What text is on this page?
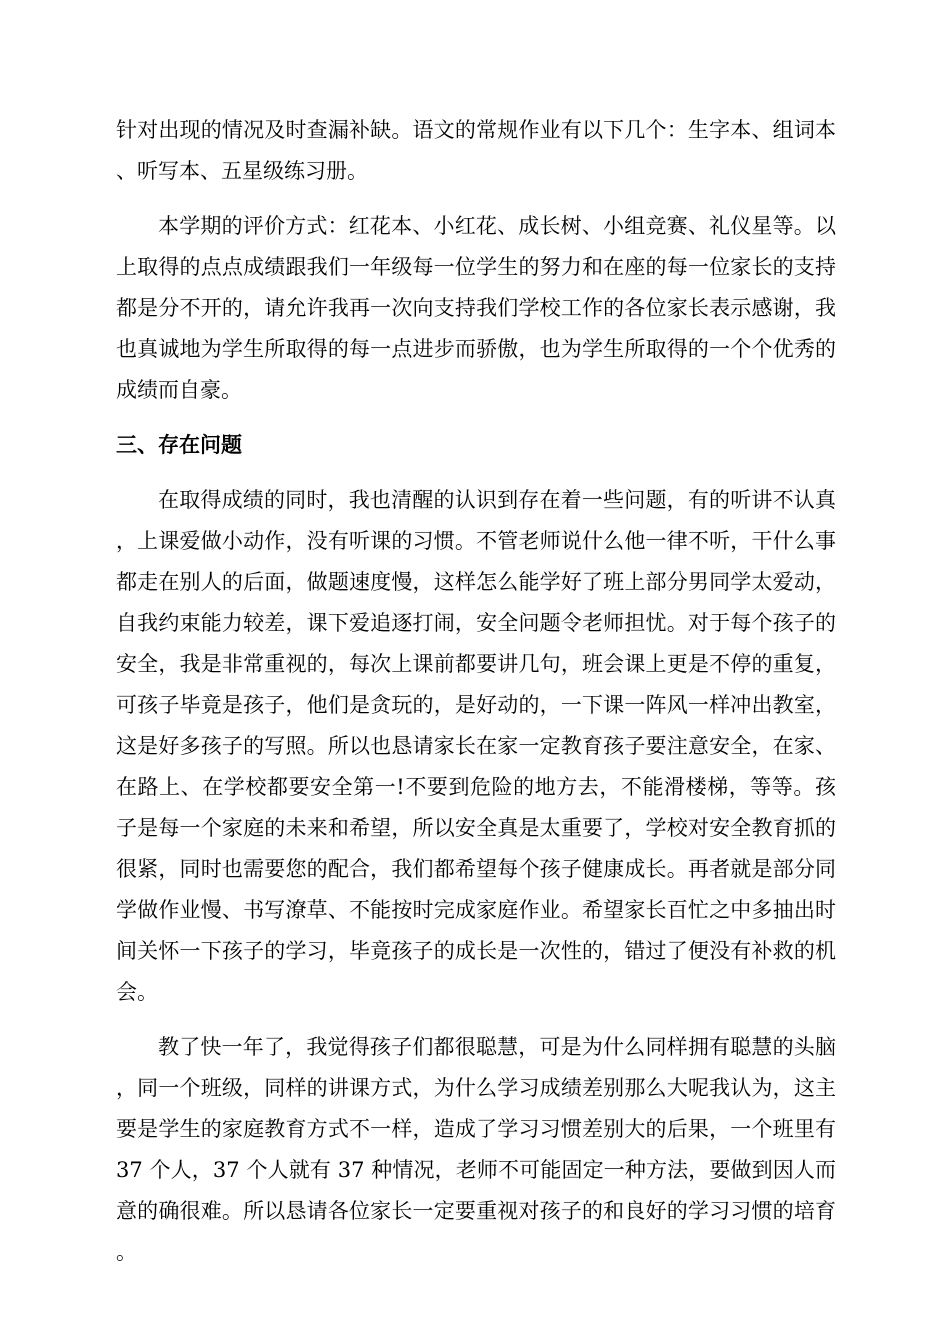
针对出现的情况及时查漏补缺。语文的常规作业有以下几个：生字本、组词本、听写本、五星级练习册。

本学期的评价方式：红花本、小红花、成长树、小组竞赛、礼仪星等。以上取得的点点成绩跟我们一年级每一位学生的努力和在座的每一位家长的支持都是分不开的，请允许我再一次向支持我们学校工作的各位家长表示感谢，我也真诚地为学生所取得的每一点进步而骄傲，也为学生所取得的一个个优秀的成绩而自豪。

三、存在问题

在取得成绩的同时，我也清醒的认识到存在着一些问题，有的听讲不认真，上课爱做小动作，没有听课的习惯。不管老师说什么他一律不听，干什么事都走在别人的后面，做题速度慢，这样怎么能学好了班上部分男同学太爱动，自我约束能力较差，课下爱追逐打闹，安全问题令老师担忧。对于每个孩子的安全，我是非常重视的，每次上课前都要讲几句，班会课上更是不停的重复，可孩子毕竟是孩子，他们是贪玩的，是好动的，一下课一阵风一样冲出教室，这是好多孩子的写照。所以也恳请家长在家一定教育孩子要注意安全，在家、在路上、在学校都要安全第一!不要到危险的地方去，不能滑楼梯，等等。孩子是每一个家庭的未来和希望，所以安全真是太重要了，学校对安全教育抓的很紧，同时也需要您的配合，我们都希望每个孩子健康成长。再者就是部分同学做作业慢、书写潦草、不能按时完成家庭作业。希望家长百忙之中多抽出时间关怀一下孩子的学习，毕竟孩子的成长是一次性的，错过了便没有补救的机会。

教了快一年了，我觉得孩子们都很聪慧，可是为什么同样拥有聪慧的头脑，同一个班级，同样的讲课方式，为什么学习成绩差别那么大呢我认为，这主要是学生的家庭教育方式不一样，造成了学习习惯差别大的后果，一个班里有 37 个人，37 个人就有 37 种情况，老师不可能固定一种方法，要做到因人而意的确很难。所以恳请各位家长一定要重视对孩子的和良好的学习习惯的培育。
